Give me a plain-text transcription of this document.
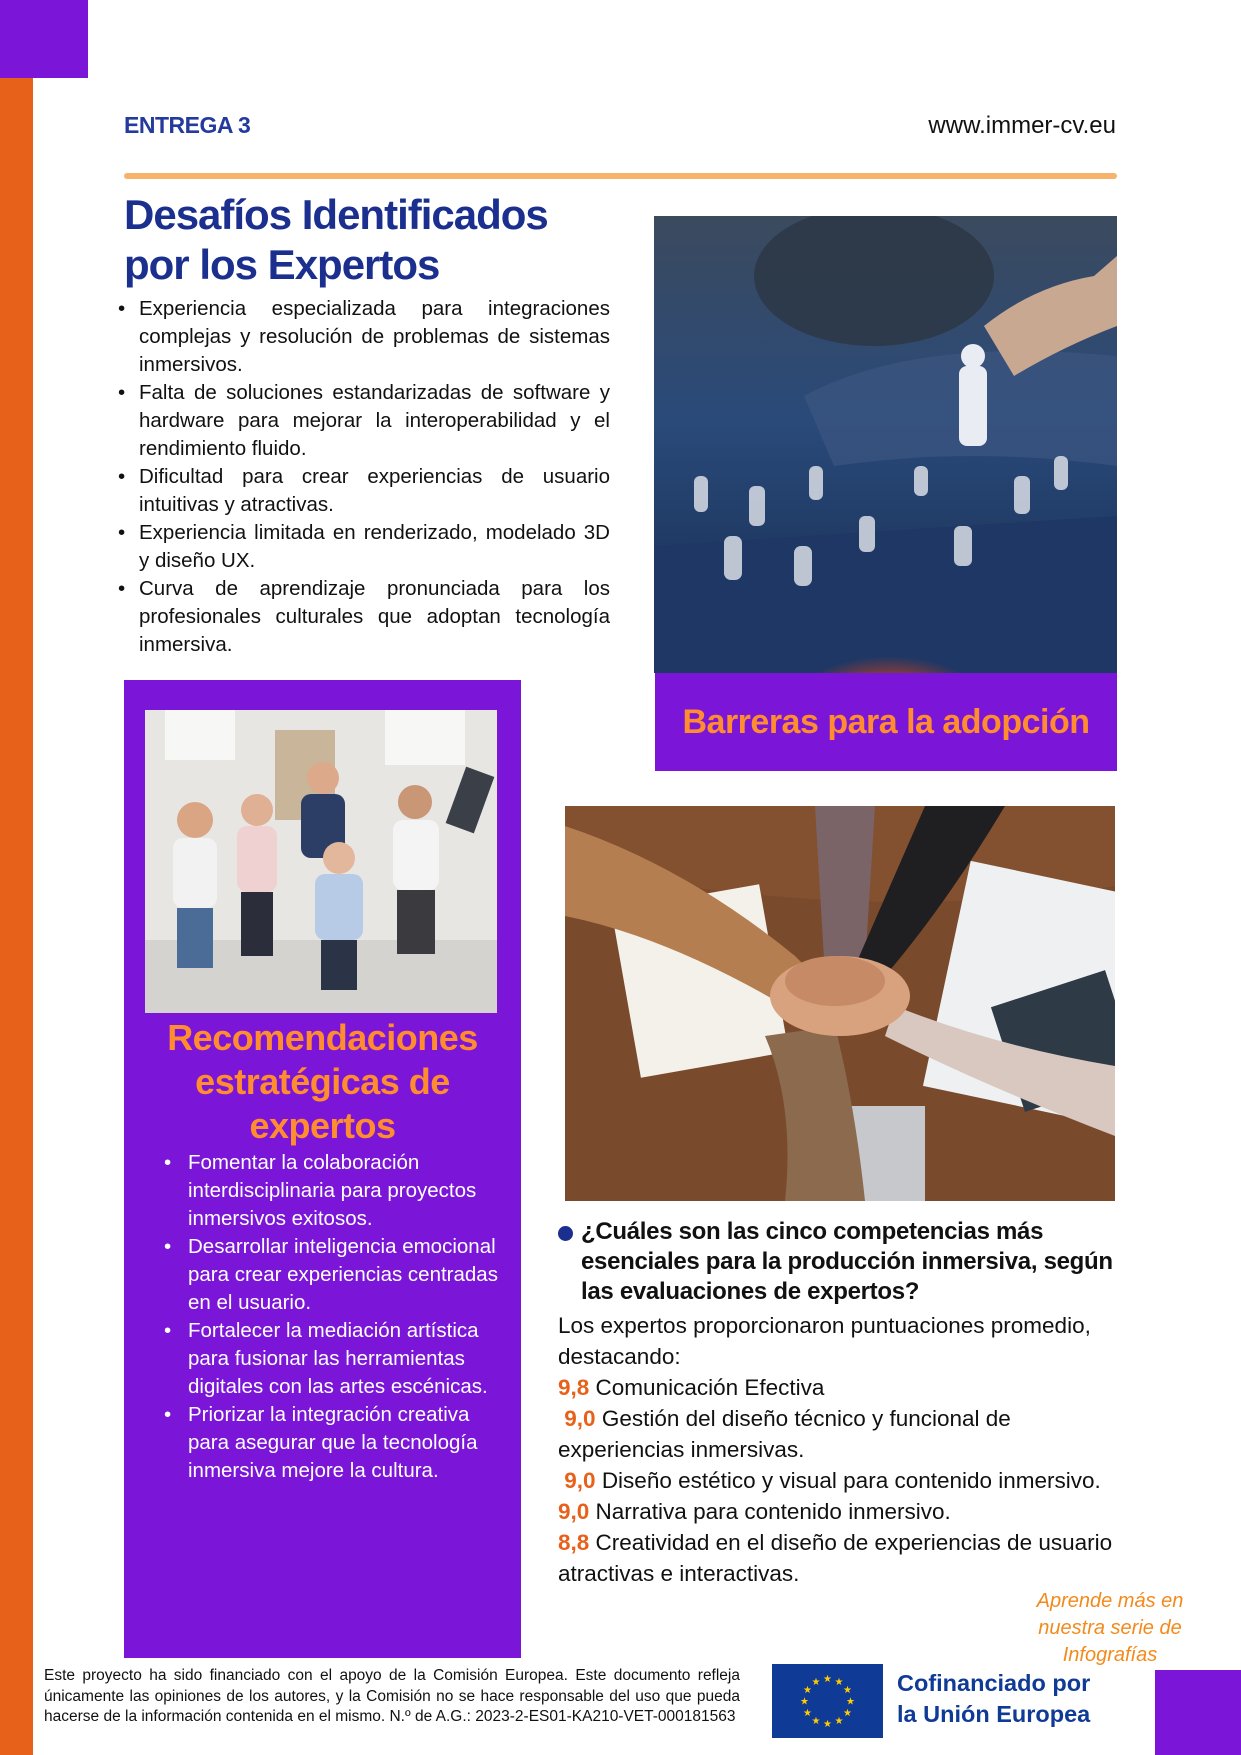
ENTREGA 3	www.immer-cv.eu
Desafíos Identificados
por los Expertos
• Experiencia especializada para integraciones complejas y resolución de problemas de sistemas inmersivos.
• Falta de soluciones estandarizadas de software y hardware para mejorar la interoperabilidad y el rendimiento fluido.
• Dificultad para crear experiencias de usuario intuitivas y atractivas.
• Experiencia limitada en renderizado, modelado 3D y diseño UX.
• Curva de aprendizaje pronunciada para los profesionales culturales que adoptan tecnología inmersiva.
Barreras para la adopción
Recomendaciones
estratégicas de
expertos
• Fomentar la colaboración interdisciplinaria para proyectos inmersivos exitosos.
• Desarrollar inteligencia emocional para crear experiencias centradas en el usuario.
• Fortalecer la mediación artística para fusionar las herramientas digitales con las artes escénicas.
• Priorizar la integración creativa para asegurar que la tecnología inmersiva mejore la cultura.
¿Cuáles son las cinco competencias más esenciales para la producción inmersiva, según las evaluaciones de expertos?
Los expertos proporcionaron puntuaciones promedio, destacando:
9,8 Comunicación Efectiva
9,0 Gestión del diseño técnico y funcional de experiencias inmersivas.
9,0 Diseño estético y visual para contenido inmersivo.
9,0 Narrativa para contenido inmersivo.
8,8 Creatividad en el diseño de experiencias de usuario atractivas e interactivas.
Aprende más en
nuestra serie de
Infografías
Este proyecto ha sido financiado con el apoyo de la Comisión Europea. Este documento refleja únicamente las opiniones de los autores, y la Comisión no se hace responsable del uso que pueda hacerse de la información contenida en el mismo. N.º de A.G.: 2023-2-ES01-KA210-VET-000181563
★ ★
★
★
★
★
★
★
★
★
★
★	Cofinanciado por
la Unión Europea
